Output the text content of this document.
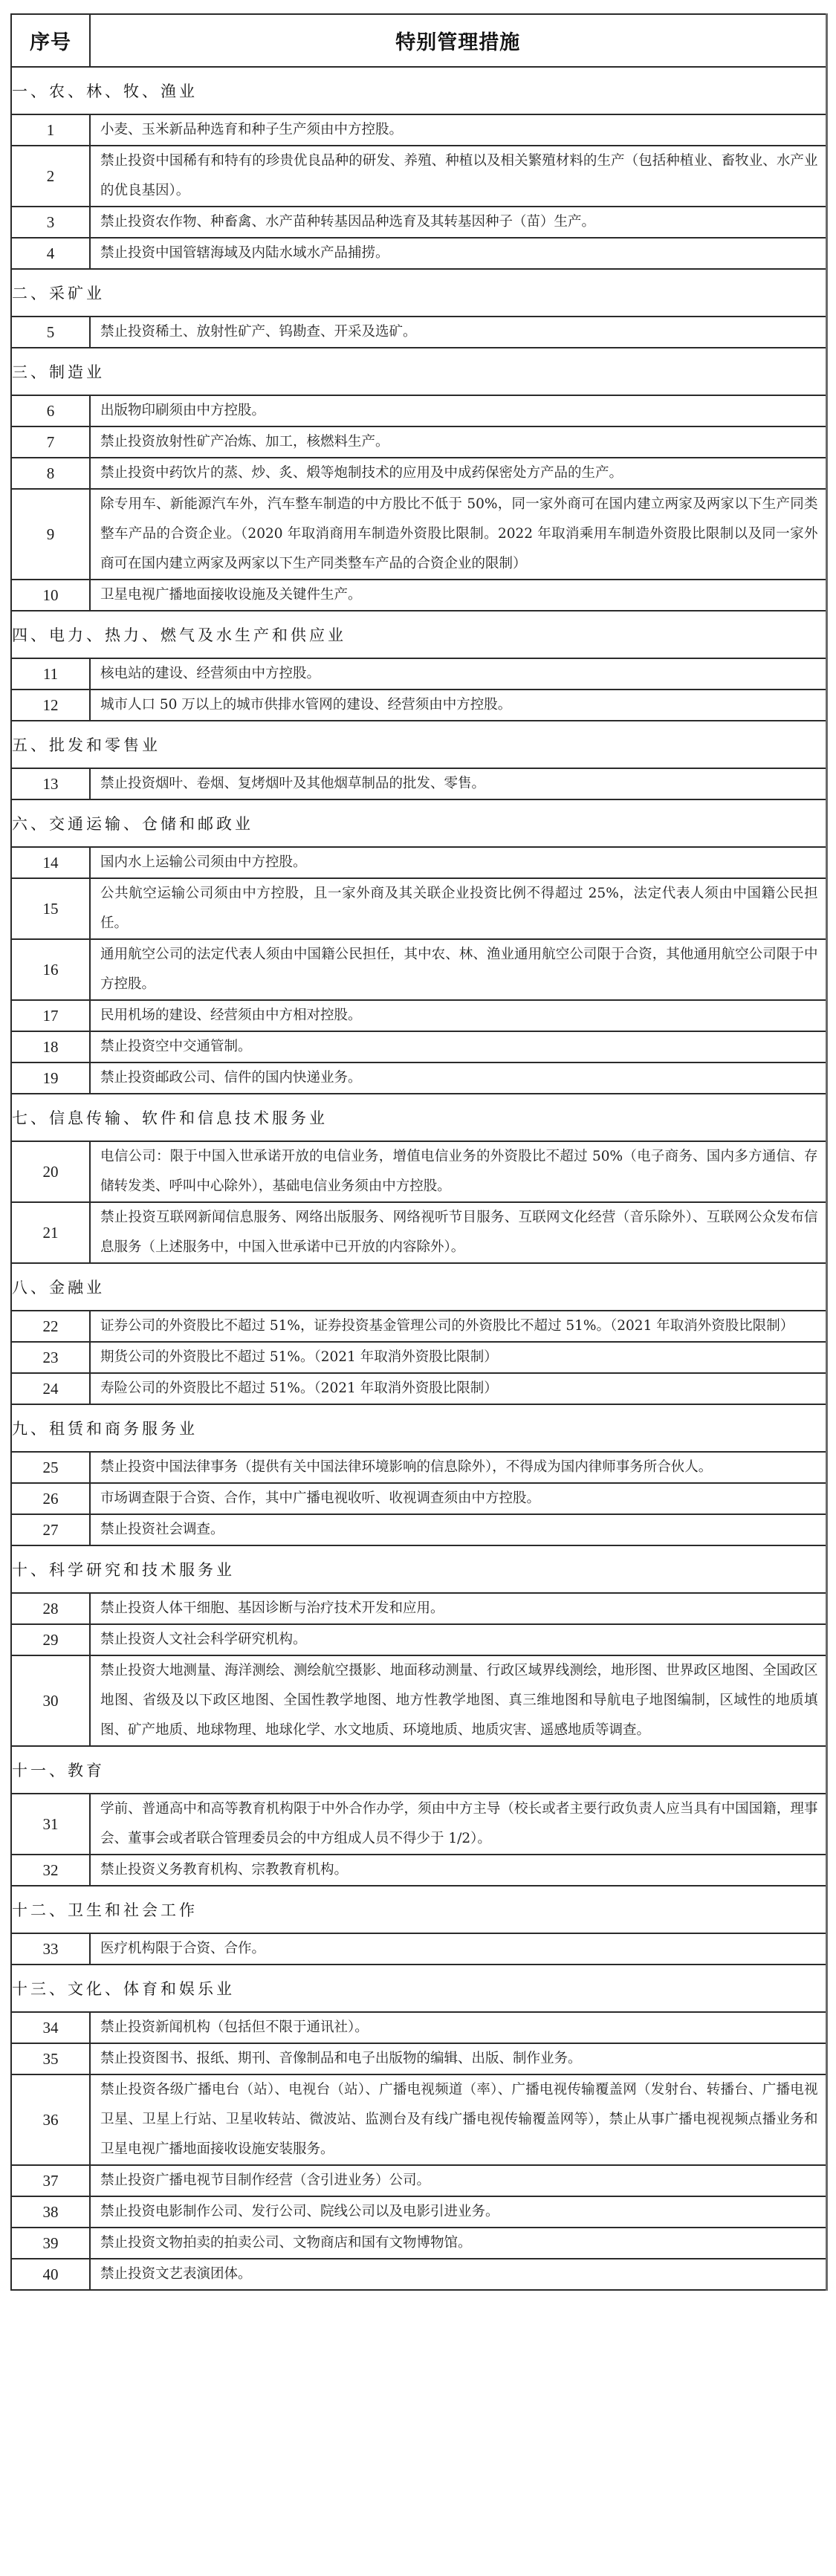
序号	特别管理措施
一、农、林、牧、渔业	
1	小麦、玉米新品种选育和种子生产须由中方控股。
2	禁止投资中国稀有和特有的珍贵优良品种的研发、养殖、种植以及相关繁殖材料的生产（包括种植业、畜牧业、水产业的优良基因）。
3	禁止投资农作物、种畜禽、水产苗种转基因品种选育及其转基因种子（苗）生产。
4	禁止投资中国管辖海域及内陆水域水产品捕捞。
二、采矿业	
5	禁止投资稀土、放射性矿产、钨勘查、开采及选矿。
三、制造业	
6	出版物印刷须由中方控股。
7	禁止投资放射性矿产冶炼、加工，核燃料生产。
8	禁止投资中药饮片的蒸、炒、炙、煅等炮制技术的应用及中成药保密处方产品的生产。
9	除专用车、新能源汽车外，汽车整车制造的中方股比不低于 50%，同一家外商可在国内建立两家及两家以下生产同类整车产品的合资企业。（2020 年取消商用车制造外资股比限制。2022 年取消乘用车制造外资股比限制以及同一家外商可在国内建立两家及两家以下生产同类整车产品的合资企业的限制）
10	卫星电视广播地面接收设施及关键件生产。
四、电力、热力、燃气及水生产和供应业	
11	核电站的建设、经营须由中方控股。
12	城市人口 50 万以上的城市供排水管网的建设、经营须由中方控股。
五、批发和零售业	
13	禁止投资烟叶、卷烟、复烤烟叶及其他烟草制品的批发、零售。
六、交通运输、仓储和邮政业	
14	国内水上运输公司须由中方控股。
15	公共航空运输公司须由中方控股，且一家外商及其关联企业投资比例不得超过 25%，法定代表人须由中国籍公民担任。
16	通用航空公司的法定代表人须由中国籍公民担任，其中农、林、渔业通用航空公司限于合资，其他通用航空公司限于中方控股。
17	民用机场的建设、经营须由中方相对控股。
18	禁止投资空中交通管制。
19	禁止投资邮政公司、信件的国内快递业务。
七、信息传输、软件和信息技术服务业	
20	电信公司：限于中国入世承诺开放的电信业务，增值电信业务的外资股比不超过 50%（电子商务、国内多方通信、存储转发类、呼叫中心除外），基础电信业务须由中方控股。
21	禁止投资互联网新闻信息服务、网络出版服务、网络视听节目服务、互联网文化经营（音乐除外）、互联网公众发布信息服务（上述服务中，中国入世承诺中已开放的内容除外）。
八、金融业	
22	证券公司的外资股比不超过 51%，证券投资基金管理公司的外资股比不超过 51%。（2021 年取消外资股比限制）
23	期货公司的外资股比不超过 51%。（2021 年取消外资股比限制）
24	寿险公司的外资股比不超过 51%。（2021 年取消外资股比限制）
九、租赁和商务服务业	
25	禁止投资中国法律事务（提供有关中国法律环境影响的信息除外），不得成为国内律师事务所合伙人。
26	市场调查限于合资、合作，其中广播电视收听、收视调查须由中方控股。
27	禁止投资社会调查。
十、科学研究和技术服务业	
28	禁止投资人体干细胞、基因诊断与治疗技术开发和应用。
29	禁止投资人文社会科学研究机构。
30	禁止投资大地测量、海洋测绘、测绘航空摄影、地面移动测量、行政区域界线测绘，地形图、世界政区地图、全国政区地图、省级及以下政区地图、全国性教学地图、地方性教学地图、真三维地图和导航电子地图编制，区域性的地质填图、矿产地质、地球物理、地球化学、水文地质、环境地质、地质灾害、遥感地质等调查。
十一、教育	
31	学前、普通高中和高等教育机构限于中外合作办学，须由中方主导（校长或者主要行政负责人应当具有中国国籍，理事会、董事会或者联合管理委员会的中方组成人员不得少于 1/2）。
32	禁止投资义务教育机构、宗教教育机构。
十二、卫生和社会工作	
33	医疗机构限于合资、合作。
十三、文化、体育和娱乐业	
34	禁止投资新闻机构（包括但不限于通讯社）。
35	禁止投资图书、报纸、期刊、音像制品和电子出版物的编辑、出版、制作业务。
36	禁止投资各级广播电台（站）、电视台（站）、广播电视频道（率）、广播电视传输覆盖网（发射台、转播台、广播电视卫星、卫星上行站、卫星收转站、微波站、监测台及有线广播电视传输覆盖网等），禁止从事广播电视视频点播业务和卫星电视广播地面接收设施安装服务。
37	禁止投资广播电视节目制作经营（含引进业务）公司。
38	禁止投资电影制作公司、发行公司、院线公司以及电影引进业务。
39	禁止投资文物拍卖的拍卖公司、文物商店和国有文物博物馆。
40	禁止投资文艺表演团体。
